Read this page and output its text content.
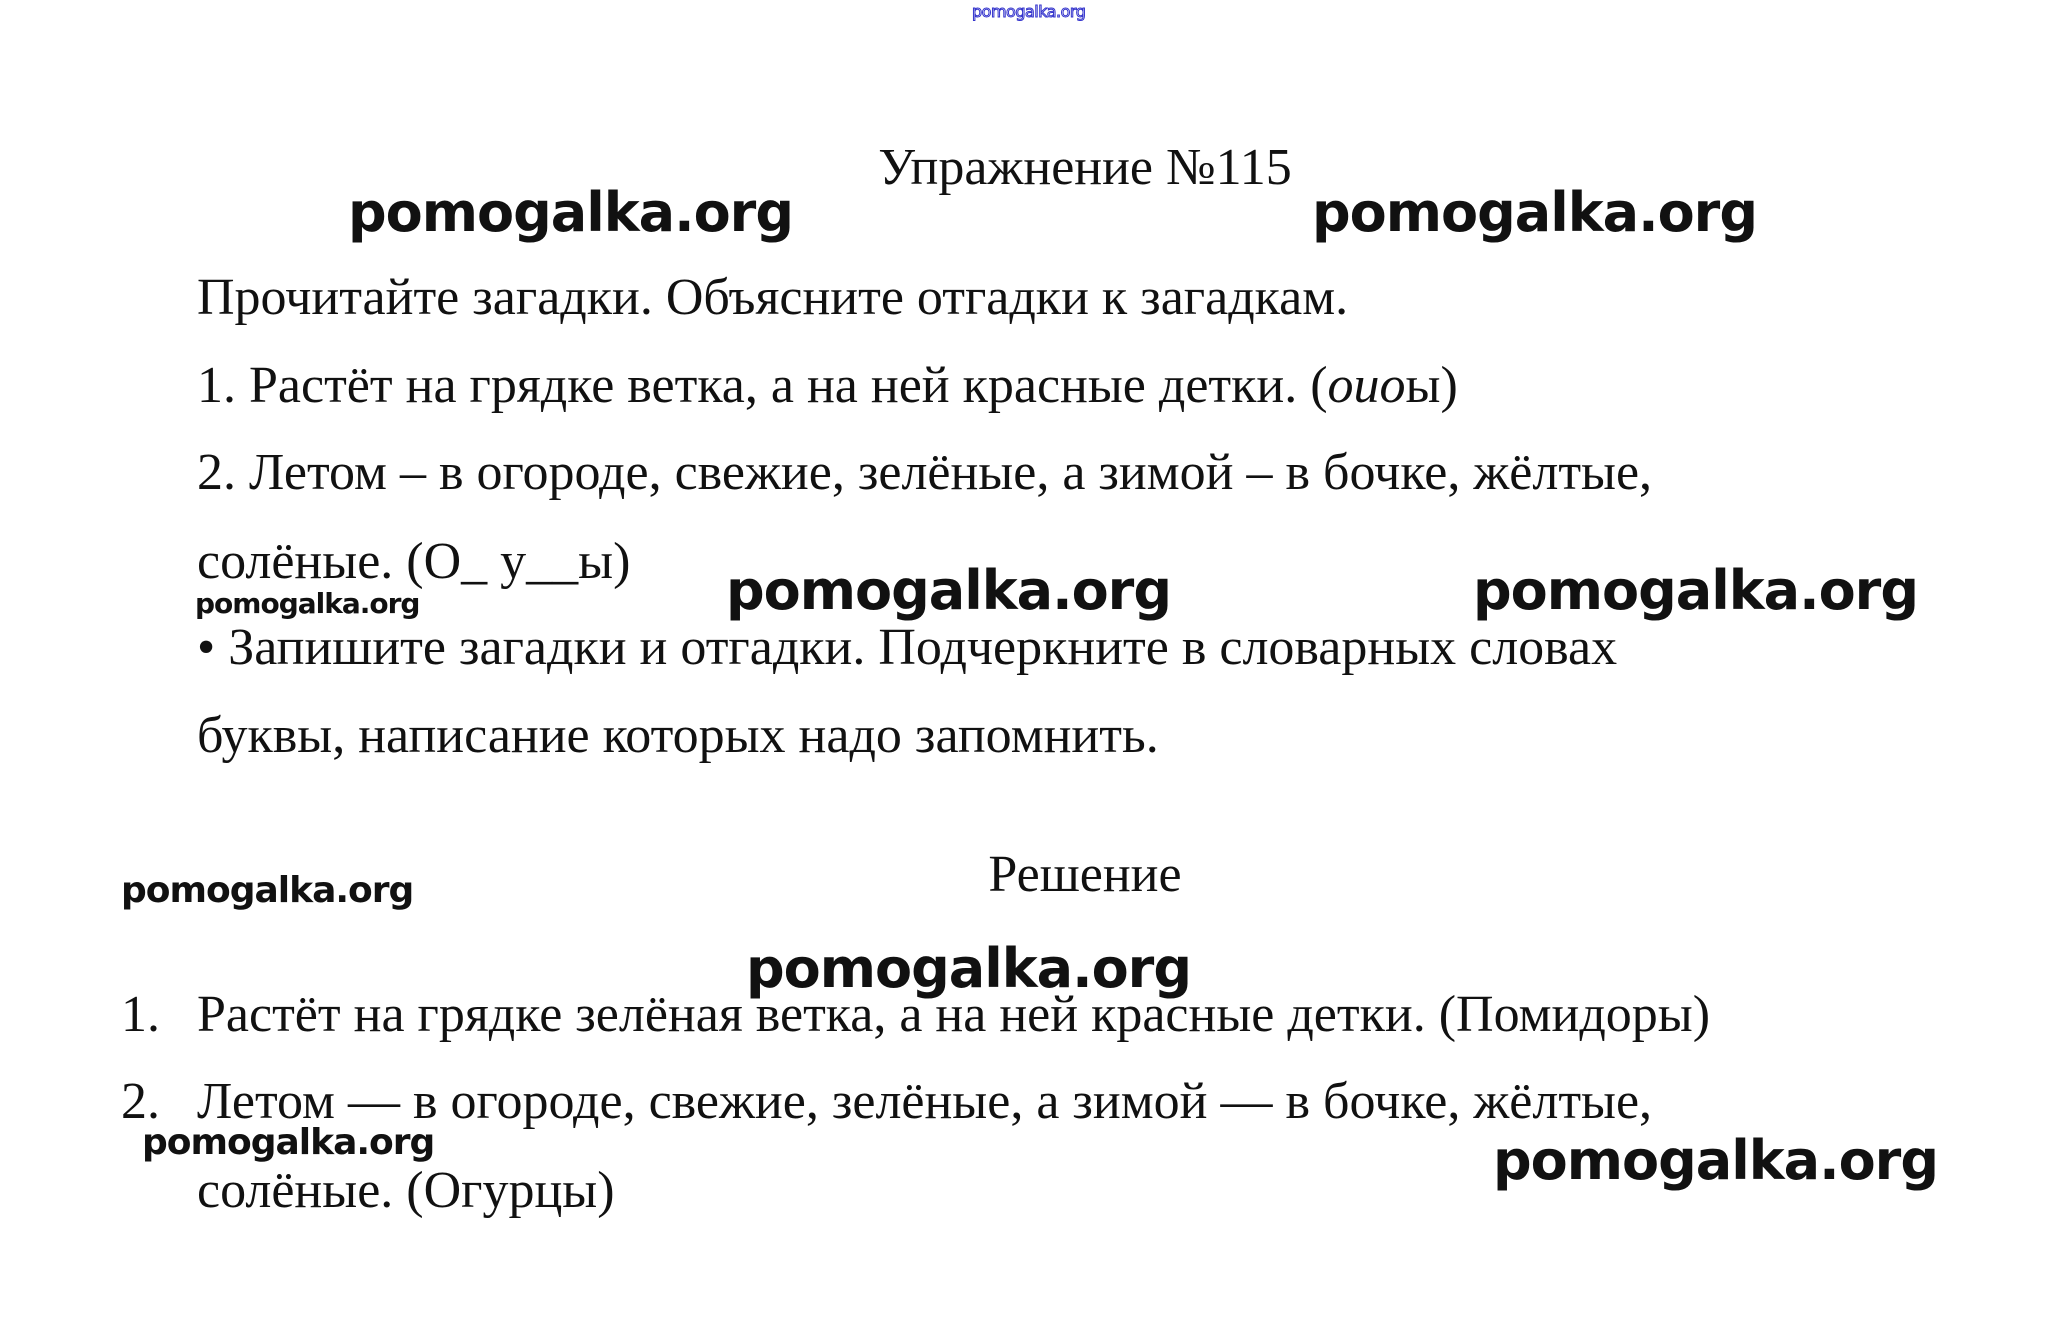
pomogalka.org
Упражнение №115
Прочитайте загадки. Объясните отгадки к загадкам.
1. Растёт на грядке ветка, а на ней красные детки. (оиоы)
2. Летом – в огороде, свежие, зелёные, а зимой – в бочке, жёлтые,
солёные. (О_ у__ы)
• Запишите загадки и отгадки. Подчеркните в словарных словах
буквы, написание которых надо запомнить.
Решение
1. Растёт на грядке зелёная ветка, а на ней красные детки. (Помидоры)
2. Летом — в огороде, свежие, зелёные, а зимой — в бочке, жёлтые,
солёные. (Огурцы)
pomogalka.org	pomogalka.org
pomogalka.org	pomogalka.org	pomogalka.org
pomogalka.org
pomogalka.org
pomogalka.org	pomogalka.org
